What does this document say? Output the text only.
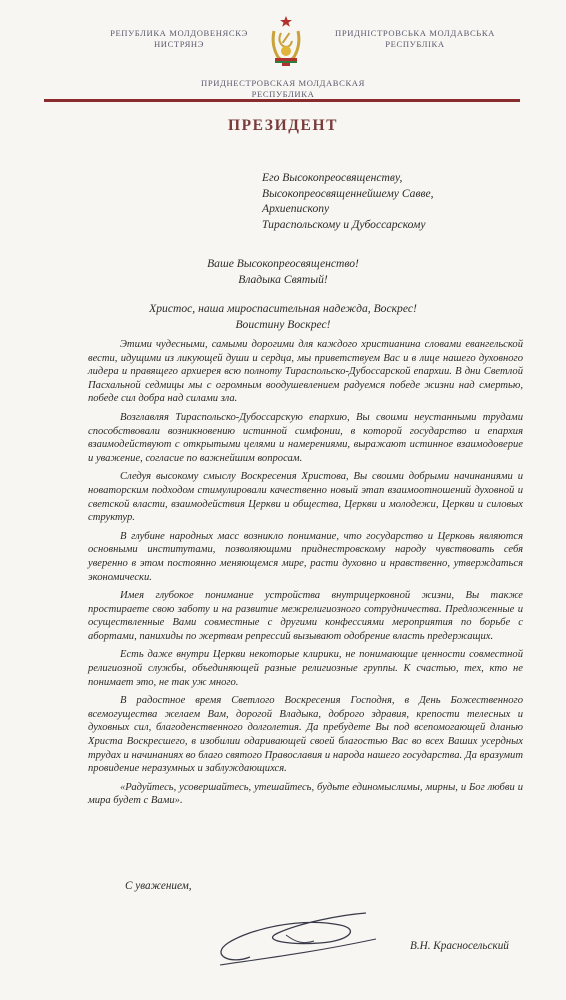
РЕПУБЛИКА МОЛДОВЕНЯСКЭ
НИСТРЯНЭ
ПРИДНІСТРОВСЬКА МОЛДАВСЬКА
РЕСПУБЛІКА
ПРИДНЕСТРОВСКАЯ МОЛДАВСКАЯ
РЕСПУБЛИКА
ПРЕЗИДЕНТ
Его Высокопреосвященству,
Высокопреосвященнейшему Савве,
Архиепископу
Тираспольскому и Дубоссарскому
Ваше Высокопреосвященство!
Владыка Святый!
Христос, наша мироспасительная надежда, Воскрес!
Воистину Воскрес!

Этими чудесными, самыми дорогими для каждого христианина словами евангельской вести, идущими из ликующей души и сердца, мы приветствуем Вас и в лице нашего духовного лидера и правящего архиерея всю полноту Тираспольско-Дубоссарской епархии. В дни Светлой Пасхальной седмицы мы с огромным воодушевлением радуемся победе жизни над смертью, победе сил добра над силами зла.

Возглавляя Тираспольско-Дубоссарскую епархию, Вы своими неустанными трудами способствовали возникновению истинной симфонии, в которой государство и епархия взаимодействуют с открытыми целями и намерениями, выражают истинное взаимодоверие и уважение, согласие по важнейшим вопросам.

Следуя высокому смыслу Воскресения Христова, Вы своими добрыми начинаниями и новаторским подходом стимулировали качественно новый этап взаимоотношений духовной и светской власти, взаимодействия Церкви и общества, Церкви и молодежи, Церкви и силовых структур.

В глубине народных масс возникло понимание, что государство и Церковь являются основными институтами, позволяющими приднестровскому народу чувствовать себя уверенно в этом постоянно меняющемся мире, расти духовно и нравственно, утверждаться экономически.

Имея глубокое понимание устройства внутрицерковной жизни, Вы также простираете свою заботу и на развитие межрелигиозного сотрудничества. Предложенные и осуществленные Вами совместные с другими конфессиями мероприятия по борьбе с абортами, панихиды по жертвам репрессий вызывают одобрение власть предержащих.

Есть даже внутри Церкви некоторые клирики, не понимающие ценности совместной религиозной службы, объединяющей разные религиозные группы. К счастью, тех, кто не понимает это, не так уж много.

В радостное время Светлого Воскресения Господня, в День Божественного всемогущества желаем Вам, дорогой Владыка, доброго здравия, крепости телесных и духовных сил, благоденственного долголетия. Да пребудете Вы под всепомогающей дланью Христа Воскресшего, в изобилии одаривающей своей благостью Вас во всех Ваших усердных трудах и начинаниях во благо святого Православия и народа нашего государства. Да вразумит провидение неразумных и заблуждающихся.

«Радуйтесь, усовершайтесь, утешайтесь, будьте единомыслимы, мирны, и Бог любви и мира будет с Вами».

С уважением,
В.Н. Красносельский
